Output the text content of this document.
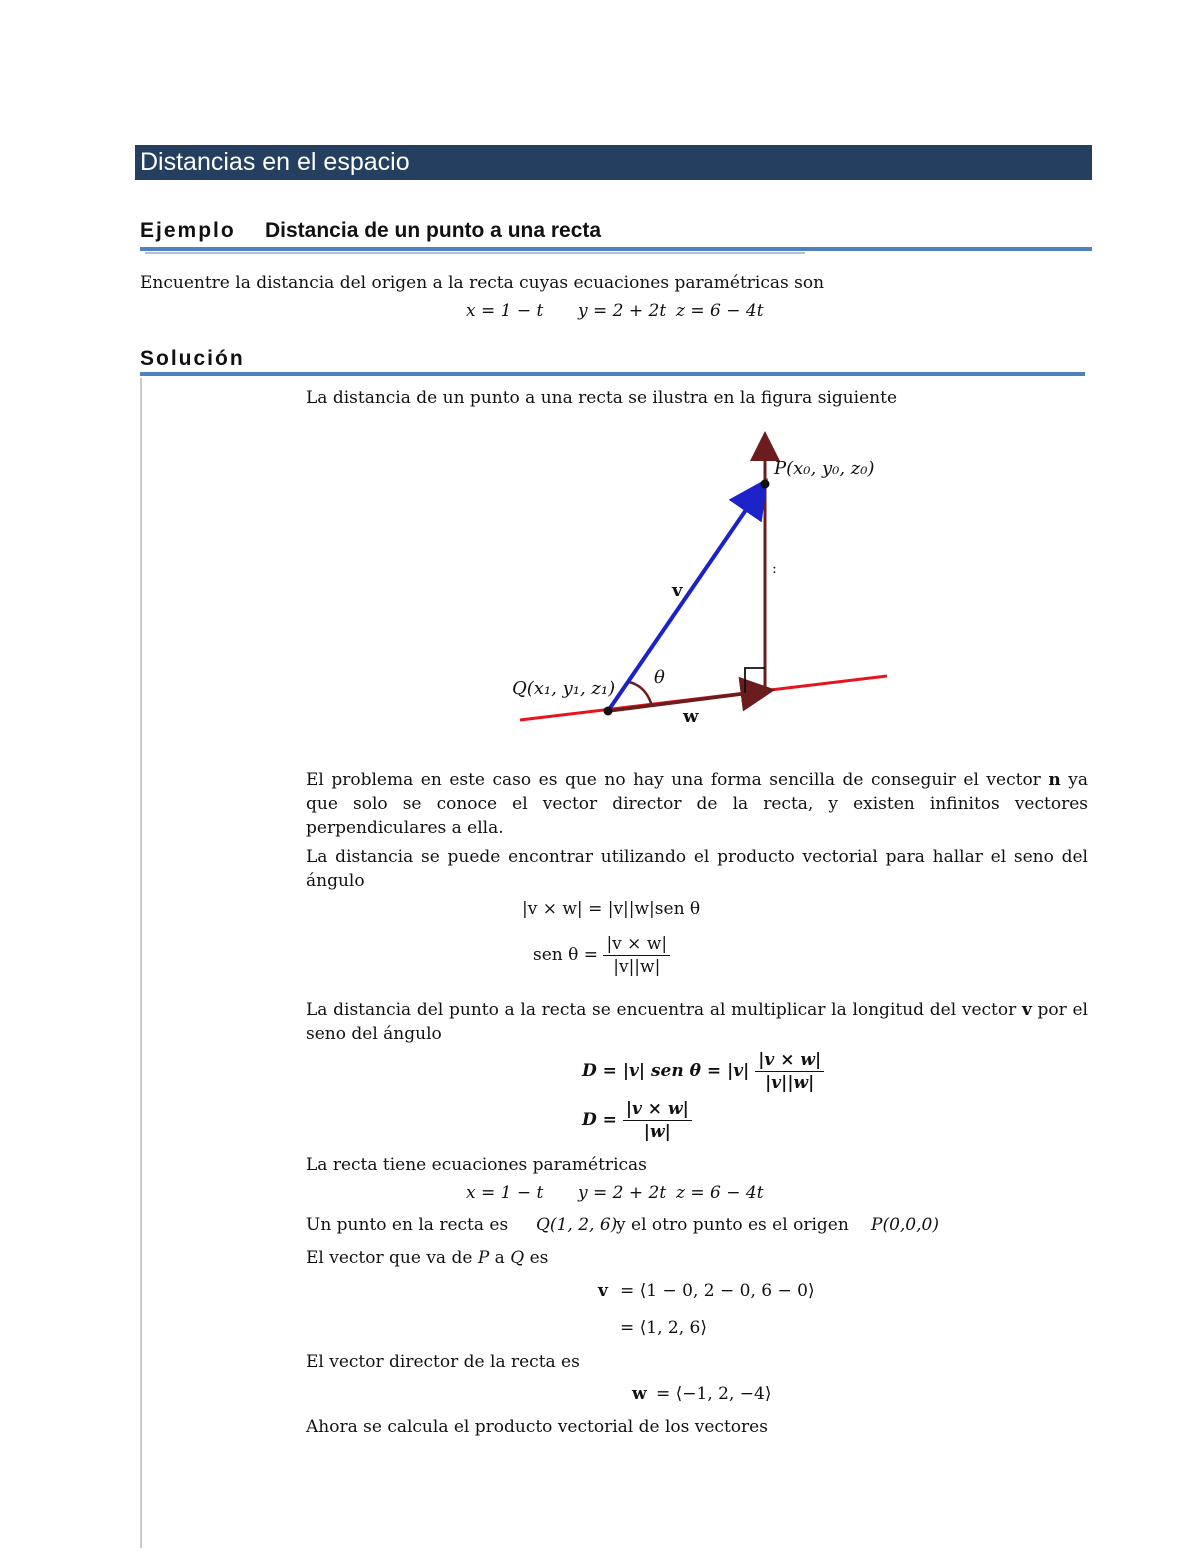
Distancias en el espacio
Ejemplo Distancia de un punto a una recta
Encuentre la distancia del origen a la recta cuyas ecuaciones paramétricas son
x = 1 − t y = 2 + 2t z = 6 − 4t
Solución
La distancia de un punto a una recta se ilustra en la figura siguiente
P(x₀, y₀, z₀)
Q(x₁, y₁, z₁)
v
w
θ
:

El problema en este caso es que no hay una forma sencilla de conseguir el vector n ya que solo se conoce el vector director de la recta, y existen infinitos vectores perpendiculares a ella.

La distancia se puede encontrar utilizando el producto vectorial para hallar el seno del ángulo

|v × w| = |v||w|sen θ
sen $\theta = \frac{|v \times w|}{|v||w|}$

La distancia del punto a la recta se encuentra al multiplicar la longitud del vector v por el seno del ángulo

D = |v| sen $\theta = |v| \frac{|v \times w|}{|v||w|}$
$D = \frac{|v \times w|}{|w|}$
La recta tiene ecuaciones paramétricas
x = 1 − t y = 2 + 2t z = 6 − 4t
Un punto en la recta es Q(1, 2, 6)
y el otro punto es el origen P(0,0,0)
El vector que va de P a Q es
v = ⟨1 − 0, 2 − 0, 6 − 0⟩
= ⟨1, 2, 6⟩
El vector director de la recta es
w = ⟨−1, 2, −4⟩
Ahora se calcula el producto vectorial de los vectores
